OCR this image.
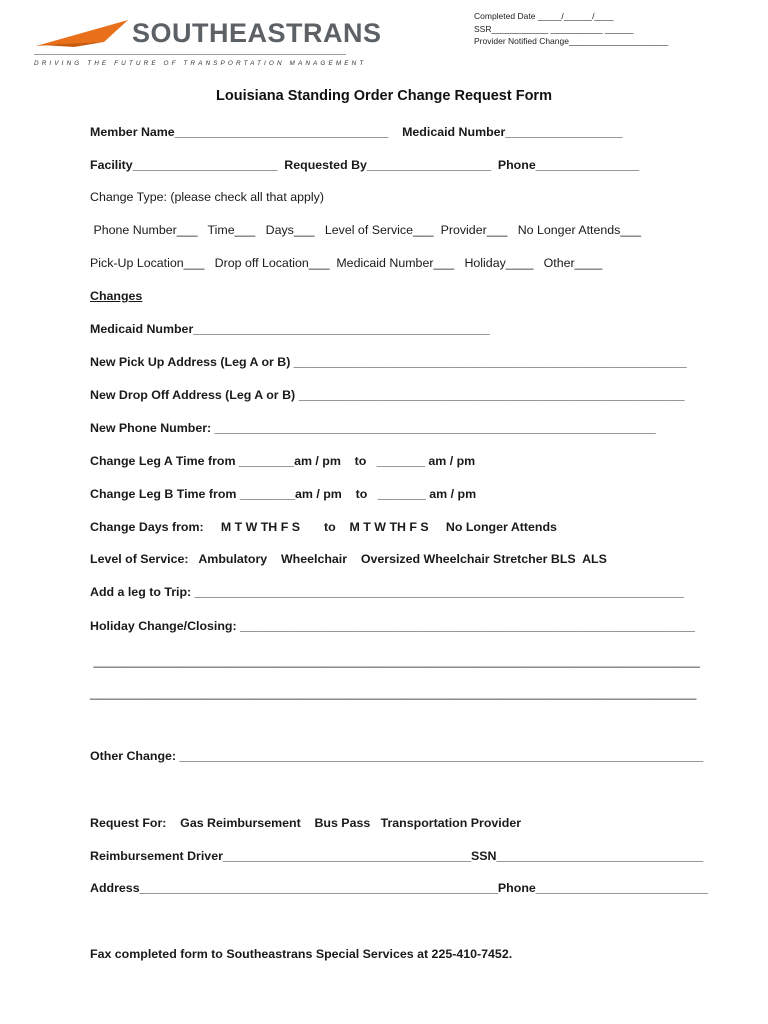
SOUTHEASTRANS
DRIVING THE FUTURE OF TRANSPORTATION MANAGEMENT
Completed Date _____/______/____
SSR____________ ___________ ______
Provider Notified Change_____________________
Louisiana Standing Order Change Request Form
Member Name_______________________________    Medicaid Number_________________
Facility_____________________  Requested By__________________  Phone_______________
Change Type: (please check all that apply)
Phone Number___   Time___   Days___   Level of Service___  Provider___   No Longer Attends___
Pick-Up Location___   Drop off Location___  Medicaid Number___   Holiday____   Other____
Changes
Medicaid Number___________________________________________
New Pick Up Address (Leg A or B) _________________________________________________________
New Drop Off Address (Leg A or B) ________________________________________________________
New Phone Number: ________________________________________________________________
Change Leg A Time from ________am / pm    to   _______ am / pm
Change Leg B Time from ________am / pm    to   _______ am / pm
Change Days from:     M T W TH F S       to    M T W TH F S     No Longer Attends
Level of Service:   Ambulatory    Wheelchair    Oversized Wheelchair Stretcher BLS  ALS
Add a leg to Trip: _______________________________________________________________________
Holiday Change/Closing: __________________________________________________________________
________________________________________________________________________________________
________________________________________________________________________________________
Other Change: ____________________________________________________________________________
Request For:    Gas Reimbursement    Bus Pass   Transportation Provider
Reimbursement Driver____________________________________SSN______________________________
Address____________________________________________________Phone_________________________
Fax completed form to Southeastrans Special Services at 225-410-7452.
